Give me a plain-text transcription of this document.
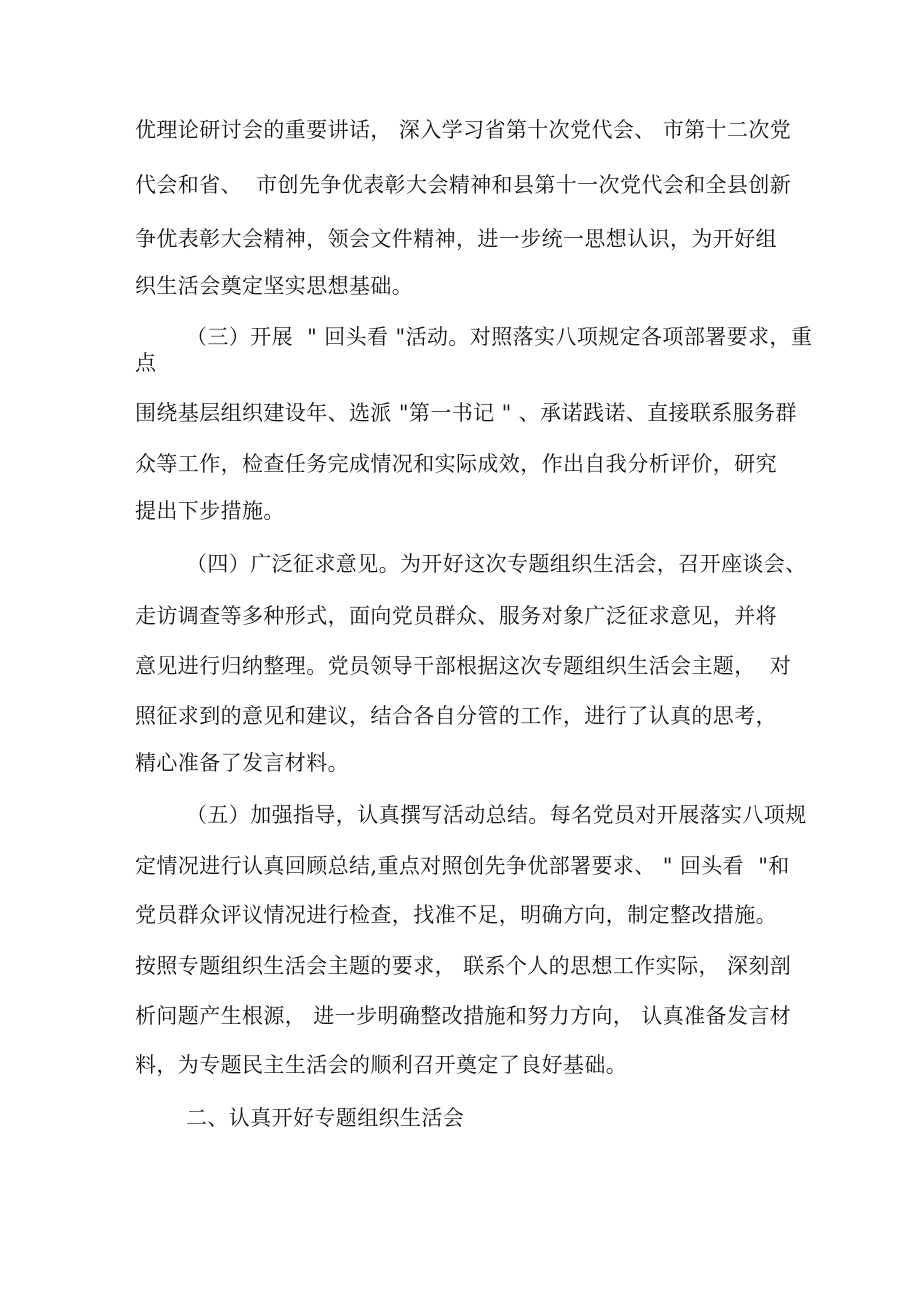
优理论研讨会的重要讲话， 深入学习省第十次党代会、 市第十二次党
代会和省、  市创先争优表彰大会精神和县第十一次党代会和全县创新
争优表彰大会精神，领会文件精神，进一步统一思想认识，为开好组
织生活会奠定坚实思想基础。
（三）开展  " 回头看 "活动。对照落实八项规定各项部署要求，重
点
围绕基层组织建设年、选派 "第一书记 " 、承诺践诺、直接联系服务群
众等工作，检查任务完成情况和实际成效，作出自我分析评价，研究
提出下步措施。
（四）广泛征求意见。为开好这次专题组织生活会，召开座谈会、
走访调查等多种形式，面向党员群众、服务对象广泛征求意见，并将
意见进行归纳整理。党员领导干部根据这次专题组织生活会主题，  对
照征求到的意见和建议，结合各自分管的工作，进行了认真的思考，
精心准备了发言材料。
（五）加强指导，认真撰写活动总结。每名党员对开展落实八项规
定情况进行认真回顾总结,重点对照创先争优部署要求、 " 回头看  "和
党员群众评议情况进行检查，找准不足，明确方向，制定整改措施。
按照专题组织生活会主题的要求， 联系个人的思想工作实际， 深刻剖
析问题产生根源， 进一步明确整改措施和努力方向， 认真准备发言材
料，为专题民主生活会的顺利召开奠定了良好基础。
二、认真开好专题组织生活会
